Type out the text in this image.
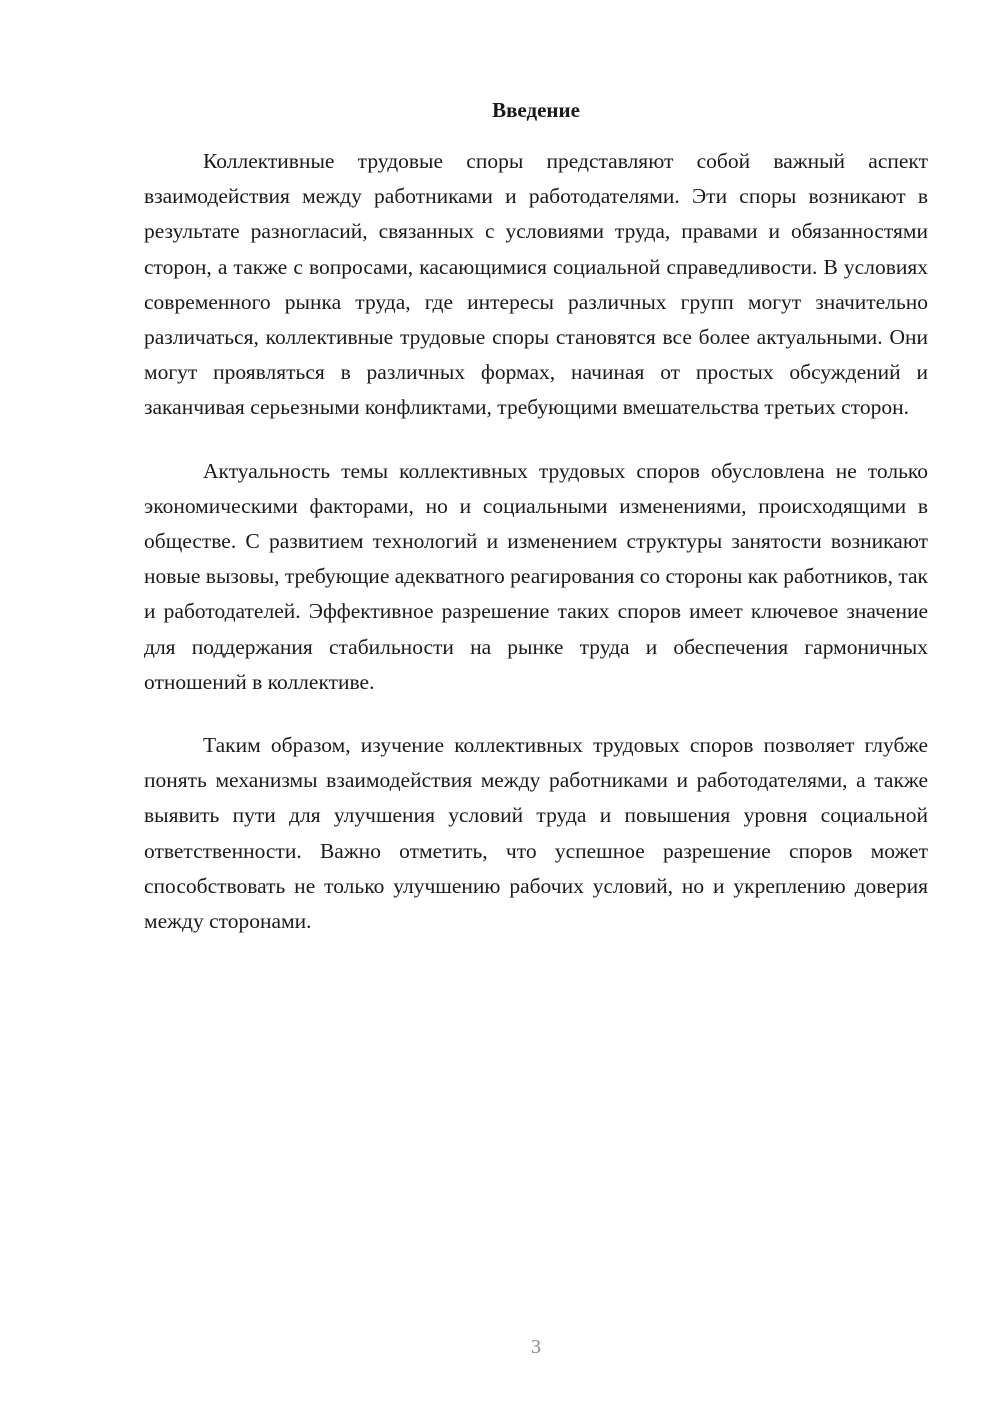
Введение

Коллективные трудовые споры представляют собой важный аспект взаимодействия между работниками и работодателями. Эти споры возникают в результате разногласий, связанных с условиями труда, правами и обязанностями сторон, а также с вопросами, касающимися социальной справедливости. В условиях современного рынка труда, где интересы различных групп могут значительно различаться, коллективные трудовые споры становятся все более актуальными. Они могут проявляться в различных формах, начиная от простых обсуждений и заканчивая серьезными конфликтами, требующими вмешательства третьих сторон.

Актуальность темы коллективных трудовых споров обусловлена не только экономическими факторами, но и социальными изменениями, происходящими в обществе. С развитием технологий и изменением структуры занятости возникают новые вызовы, требующие адекватного реагирования со стороны как работников, так и работодателей. Эффективное разрешение таких споров имеет ключевое значение для поддержания стабильности на рынке труда и обеспечения гармоничных отношений в коллективе.

Таким образом, изучение коллективных трудовых споров позволяет глубже понять механизмы взаимодействия между работниками и работодателями, а также выявить пути для улучшения условий труда и повышения уровня социальной ответственности. Важно отметить, что успешное разрешение споров может способствовать не только улучшению рабочих условий, но и укреплению доверия между сторонами.

3
